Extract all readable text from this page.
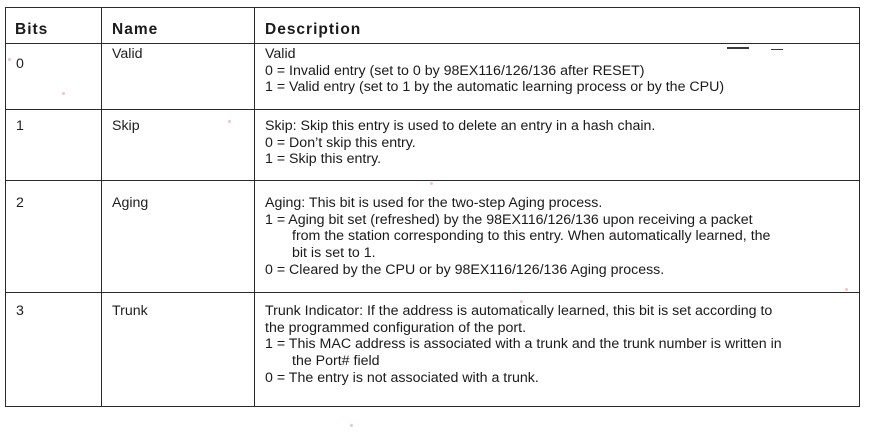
Bits	Name	Description
0	Valid	Valid
0 = Invalid entry (set to 0 by 98EX116/126/136 after RESET)
1 = Valid entry (set to 1 by the automatic learning process or by the CPU)

1	Skip	Skip: Skip this entry is used to delete an entry in a hash chain.
0 = Don’t skip this entry.
1 = Skip this entry.

2	Aging	Aging: This bit is used for the two-step Aging process.
1 = Aging bit set (refreshed) by the 98EX116/126/136 upon receiving a packet
from the station corresponding to this entry. When automatically learned, the
bit is set to 1.
0 = Cleared by the CPU or by 98EX116/126/136 Aging process.

3	Trunk	Trunk Indicator: If the address is automatically learned, this bit is set according to
the programmed configuration of the port.
1 = This MAC address is associated with a trunk and the trunk number is written in
the Port# field
0 = The entry is not associated with a trunk.
